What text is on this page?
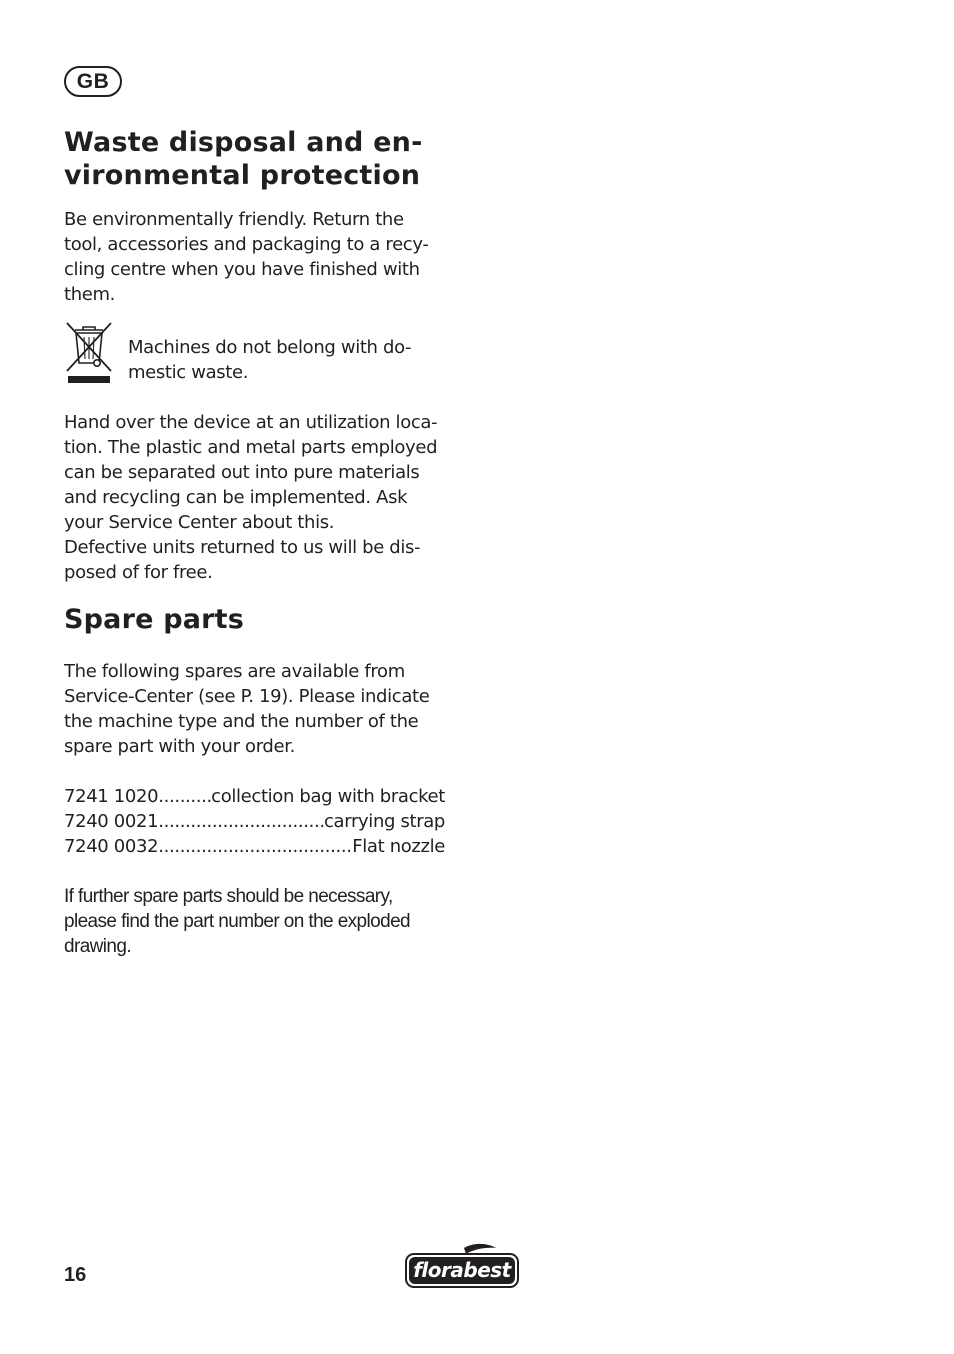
GB
Waste disposal and en-
vironmental protection

Be environmentally friendly. Return the
tool, accessories and packaging to a recy-
cling centre when you have finished with
them.

Machines do not belong with do-
mestic waste.

Hand over the device at an utilization loca-
tion. The plastic and metal parts employed
can be separated out into pure materials
and recycling can be implemented. Ask
your Service Center about this.
Defective units returned to us will be dis-
posed of for free.

Spare parts

The following spares are available from
Service-Center (see P. 19). Please indicate
the machine type and the number of the
spare part with your order.

7241 1020 .....	collection bag with bracket
7240 0021 .....	carrying strap
7240 0032 .....	Flat nozzle

If further spare parts should be necessary,
please find the part number on the exploded
drawing.

16	florabest
